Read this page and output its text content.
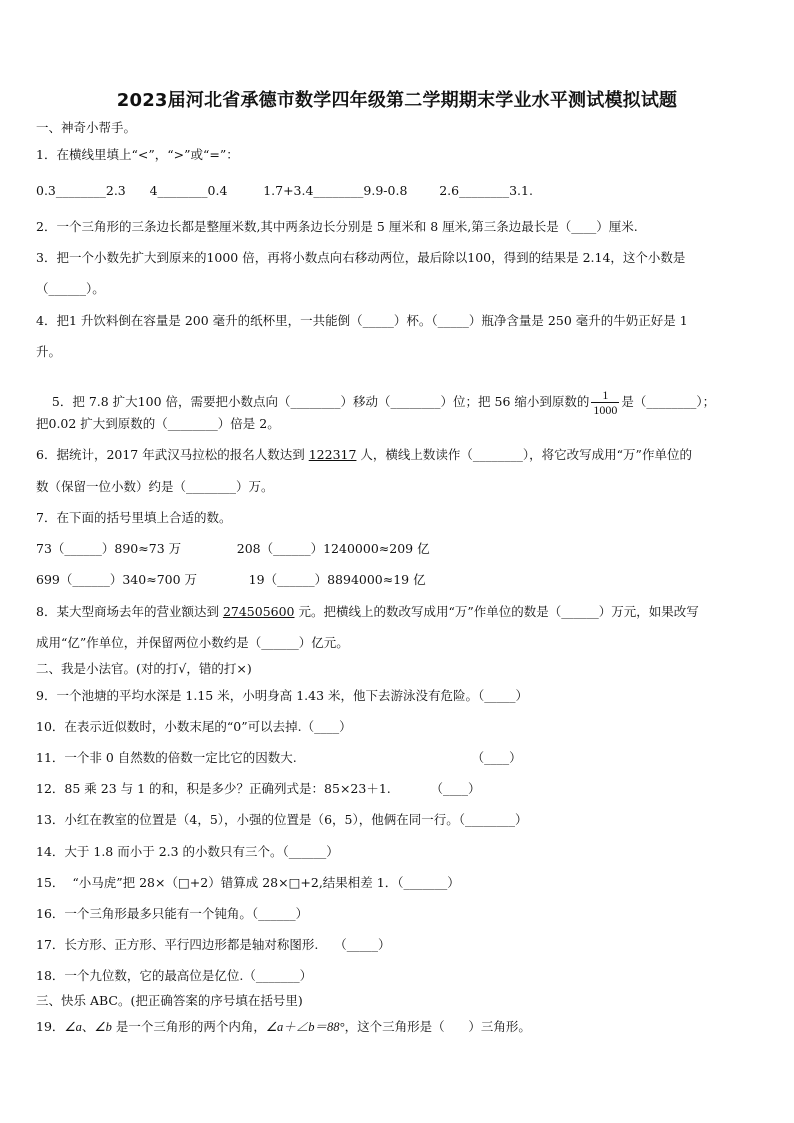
2023届河北省承德市数学四年级第二学期期末学业水平测试模拟试题
一、神奇小帮手。
1．在横线里填上“<”，“>”或“=”：
0.3________2.3      4________0.4         1.7+3.4________9.9-0.8        2.6________3.1.
2．一个三角形的三条边长都是整厘米数,其中两条边长分别是 5 厘米和 8 厘米,第三条边最长是（____）厘米.
3．把一个小数先扩大到原来的1000 倍，再将小数点向右移动两位，最后除以100，得到的结果是 2.14，这个小数是
（______）。
4．把1 升饮料倒在容量是 200 毫升的纸杯里，一共能倒（_____）杯。（_____）瓶净含量是 250 毫升的牛奶正好是 1
升。

5．把 7.8 扩大100 倍，需要把小数点向（________）移动（________）位；把 56 缩小到原数的 $\frac{1}{1000}$ 是（________）；

把0.02 扩大到原数的（________）倍是 2。
6．据统计，2017 年武汉马拉松的报名人数达到 122317 人，横线上数读作（________），将它改写成用“万”作单位的
数（保留一位小数）约是（________）万。
7．在下面的括号里填上合适的数。
73（______）890≈73 万              208（______）1240000≈209 亿
699（______）340≈700 万             19（______）8894000≈19 亿
8．某大型商场去年的营业额达到 274505600 元。把横线上的数改写成用“万”作单位的数是（______）万元，如果改写
成用“亿”作单位，并保留两位小数约是（______）亿元。
二、我是小法官。(对的打√，错的打×)
9．一个池塘的平均水深是 1.15 米，小明身高 1.43 米，他下去游泳没有危险。（_____）
10．在表示近似数时，小数末尾的“0”可以去掉.（____）
11．一个非 0 自然数的倍数一定比它的因数大.                                            （____）
12．85 乘 23 与 1 的和，积是多少？正确列式是：85×23＋1.          （____）
13．小红在教室的位置是（4，5），小强的位置是（6，5），他俩在同一行。（________）
14．大于 1.8 而小于 2.3 的小数只有三个。（______）
15．  “小马虎”把 28×（□+2）错算成 28×□+2,结果相差 1．（_______）
16．一个三角形最多只能有一个钝角。（______）
17．长方形、正方形、平行四边形都是轴对称图形.    （_____）
18．一个九位数，它的最高位是亿位.（_______）
三、快乐 ABC。(把正确答案的序号填在括号里)
19．∠a、∠b 是一个三角形的两个内角，∠a＋∠b＝88°，这个三角形是（      ）三角形。
